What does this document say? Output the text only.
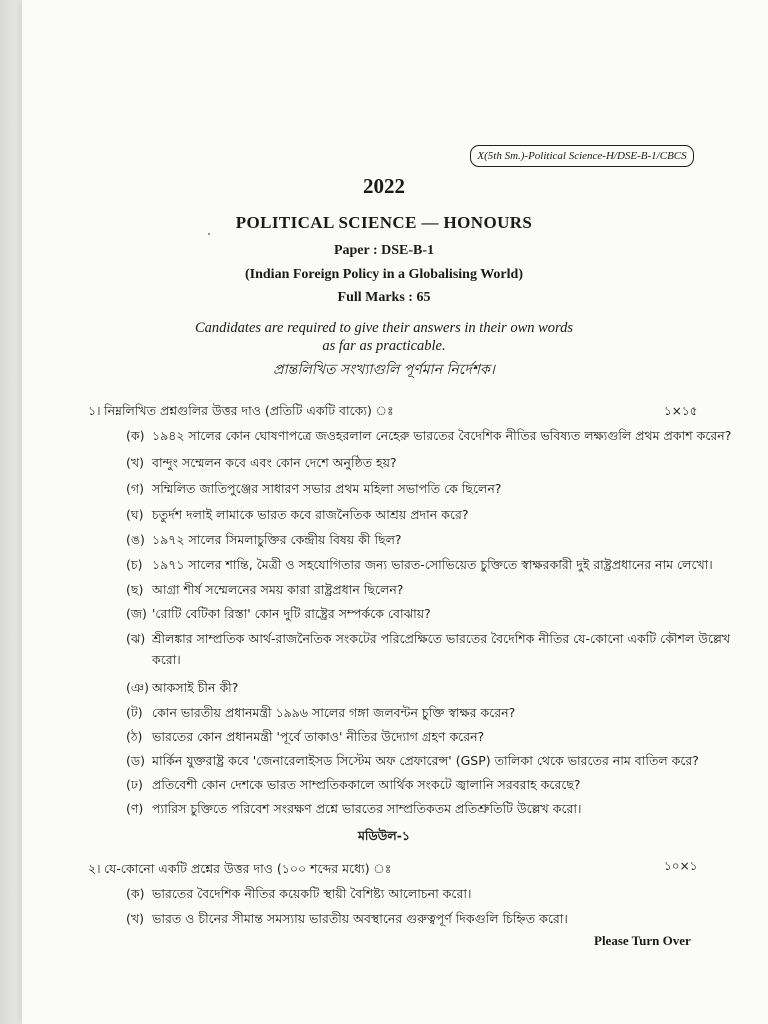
X(5th Sm.)-Political Science-H/DSE-B-1/CBCS
2022
POLITICAL SCIENCE — HONOURS
Paper : DSE-B-1
(Indian Foreign Policy in a Globalising World)
Full Marks : 65
Candidates are required to give their answers in their own words
as far as practicable.
প্রান্তলিখিত সংখ্যাগুলি পূর্ণমান নির্দেশক।
১। নিম্নলিখিত প্রশ্নগুলির উত্তর দাও (প্রতিটি একটি বাক্যে) ঃ	১×১৫
(ক) ১৯৪২ সালের কোন ঘোষণাপত্রে জওহরলাল নেহেরু ভারতের বৈদেশিক নীতির ভবিষ্যত লক্ষ্যগুলি প্রথম প্রকাশ করেন?
(খ) বান্দুং সম্মেলন কবে এবং কোন দেশে অনুষ্ঠিত হয়?
(গ) সম্মিলিত জাতিপুঞ্জের সাধারণ সভার প্রথম মহিলা সভাপতি কে ছিলেন?
(ঘ) চতুর্দশ দলাই লামাকে ভারত কবে রাজনৈতিক আশ্রয় প্রদান করে?
(ঙ) ১৯৭২ সালের সিমলাচুক্তির কেন্দ্রীয় বিষয় কী ছিল?
(চ) ১৯৭১ সালের শান্তি, মৈত্রী ও সহযোগিতার জন্য ভারত-সোভিয়েত চুক্তিতে স্বাক্ষরকারী দুই রাষ্ট্রপ্রধানের নাম লেখো।
(ছ) আগ্রা শীর্ষ সম্মেলনের সময় কারা রাষ্ট্রপ্রধান ছিলেন?
(জ) 'রোটি বেটিকা রিস্তা' কোন দুটি রাষ্ট্রের সম্পর্ককে বোঝায়?
(ঝ) শ্রীলঙ্কার সাম্প্রতিক আর্থ-রাজনৈতিক সংকটের পরিপ্রেক্ষিতে ভারতের বৈদেশিক নীতির যে-কোনো একটি কৌশল উল্লেখ
করো।
(ঞ) আকসাই চীন কী?
(ট) কোন ভারতীয় প্রধানমন্ত্রী ১৯৯৬ সালের গঙ্গা জলবন্টন চুক্তি স্বাক্ষর করেন?
(ঠ) ভারতের কোন প্রধানমন্ত্রী 'পূর্বে তাকাও' নীতির উদ্যোগ গ্রহণ করেন?
(ড) মার্কিন যুক্তরাষ্ট্র কবে 'জেনারেলাইসড সিস্টেম অফ প্রেফারেন্স' (GSP) তালিকা থেকে ভারতের নাম বাতিল করে?
(ঢ) প্রতিবেশী কোন দেশকে ভারত সাম্প্রতিককালে আর্থিক সংকটে জ্বালানি সরবরাহ করেছে?
(ণ) প্যারিস চুক্তিতে পরিবেশ সংরক্ষণ প্রশ্নে ভারতের সাম্প্রতিকতম প্রতিশ্রুতিটি উল্লেখ করো।
মডিউল-১
২। যে-কোনো একটি প্রশ্নের উত্তর দাও (১০০ শব্দের মধ্যে) ঃ	১০×১
(ক) ভারতের বৈদেশিক নীতির কয়েকটি স্থায়ী বৈশিষ্ট্য আলোচনা করো।
(খ) ভারত ও চীনের সীমান্ত সমস্যায় ভারতীয় অবস্থানের গুরুত্বপূর্ণ দিকগুলি চিহ্নিত করো।
Please Turn Over
